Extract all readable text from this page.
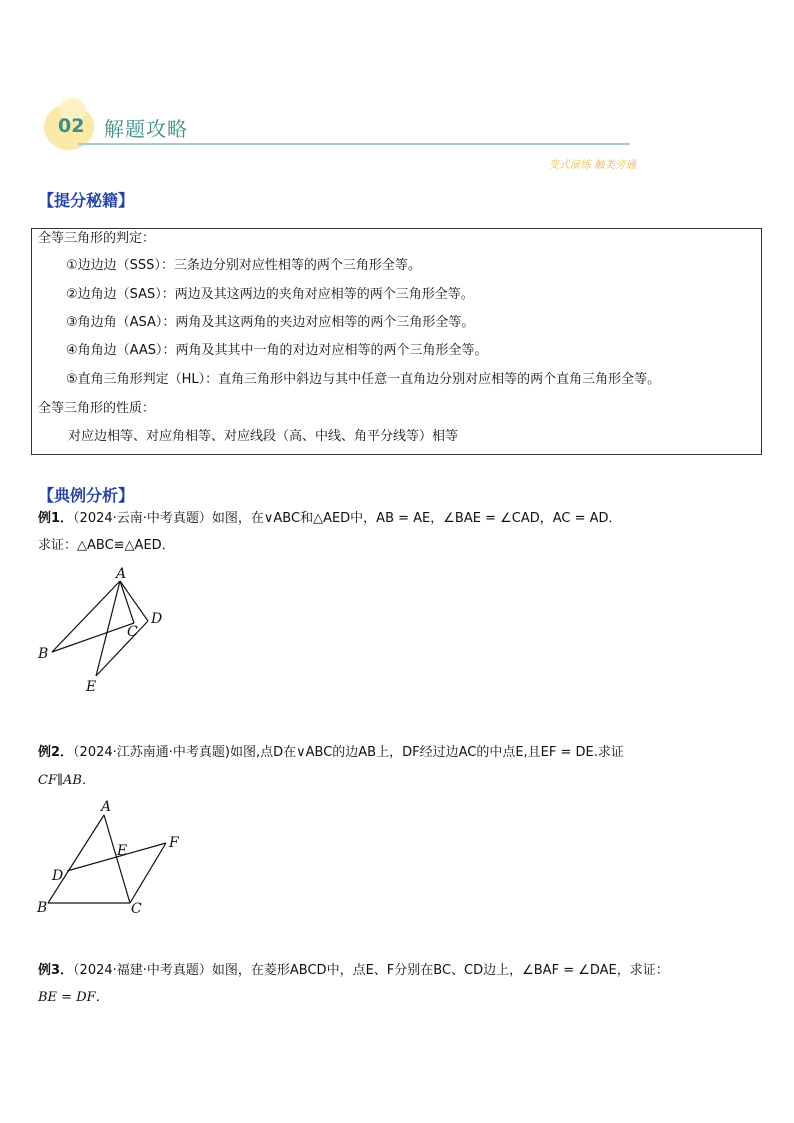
02 解题攻略
变式演练 触类旁通
【提分秘籍】
全等三角形的判定：
①边边边（SSS）：三条边分别对应性相等的两个三角形全等。
②边角边（SAS）：两边及其这两边的夹角对应相等的两个三角形全等。
③角边角（ASA）：两角及其这两角的夹边对应相等的两个三角形全等。
④角角边（AAS）：两角及其其中一角的对边对应相等的两个三角形全等。
⑤直角三角形判定（HL）：直角三角形中斜边与其中任意一直角边分别对应相等的两个直角三角形全等。
全等三角形的性质：
对应边相等、对应角相等、对应线段（高、中线、角平分线等）相等
【典例分析】
例1．（2024·云南·中考真题）如图，在∨ABC和△AED中，AB = AE，∠BAE = ∠CAD，AC = AD．
求证：△ABC≌△AED．
A
B
C
D
E
A
B	C
D
E	F
例2．（2024·江苏南通·中考真题)如图,点D在∨ABC的边AB上，DF经过边AC的中点E,且EF = DE.求证
CF∥AB．
例3．（2024·福建·中考真题）如图，在菱形ABCD中，点E、F分别在BC、CD边上，∠BAF = ∠DAE，求证：
BE = DF．
